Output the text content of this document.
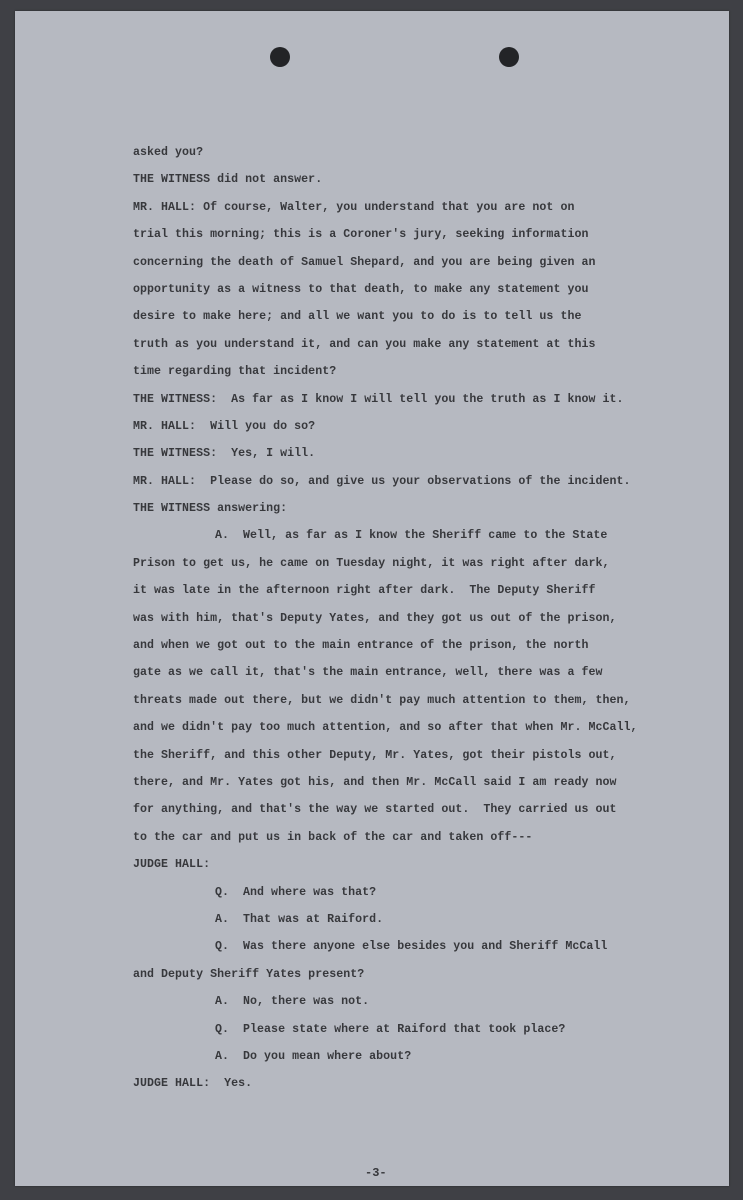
asked you?
THE WITNESS did not answer.
MR. HALL: Of course, Walter, you understand that you are not on
trial this morning; this is a Coroner's jury, seeking information
concerning the death of Samuel Shepard, and you are being given an
opportunity as a witness to that death, to make any statement you
desire to make here; and all we want you to do is to tell us the
truth as you understand it, and can you make any statement at this
time regarding that incident?
THE WITNESS:  As far as I know I will tell you the truth as I know it.
MR. HALL:  Will you do so?
THE WITNESS:  Yes, I will.
MR. HALL:  Please do so, and give us your observations of the incident.
THE WITNESS answering:
A.  Well, as far as I know the Sheriff came to the State
Prison to get us, he came on Tuesday night, it was right after dark,
it was late in the afternoon right after dark.  The Deputy Sheriff
was with him, that's Deputy Yates, and they got us out of the prison,
and when we got out to the main entrance of the prison, the north
gate as we call it, that's the main entrance, well, there was a few
threats made out there, but we didn't pay much attention to them, then,
and we didn't pay too much attention, and so after that when Mr. McCall,
the Sheriff, and this other Deputy, Mr. Yates, got their pistols out,
there, and Mr. Yates got his, and then Mr. McCall said I am ready now
for anything, and that's the way we started out.  They carried us out
to the car and put us in back of the car and taken off---
JUDGE HALL:
Q.  And where was that?
A.  That was at Raiford.
Q.  Was there anyone else besides you and Sheriff McCall
and Deputy Sheriff Yates present?
A.  No, there was not.
Q.  Please state where at Raiford that took place?
A.  Do you mean where about?
JUDGE HALL:  Yes.
-3-
